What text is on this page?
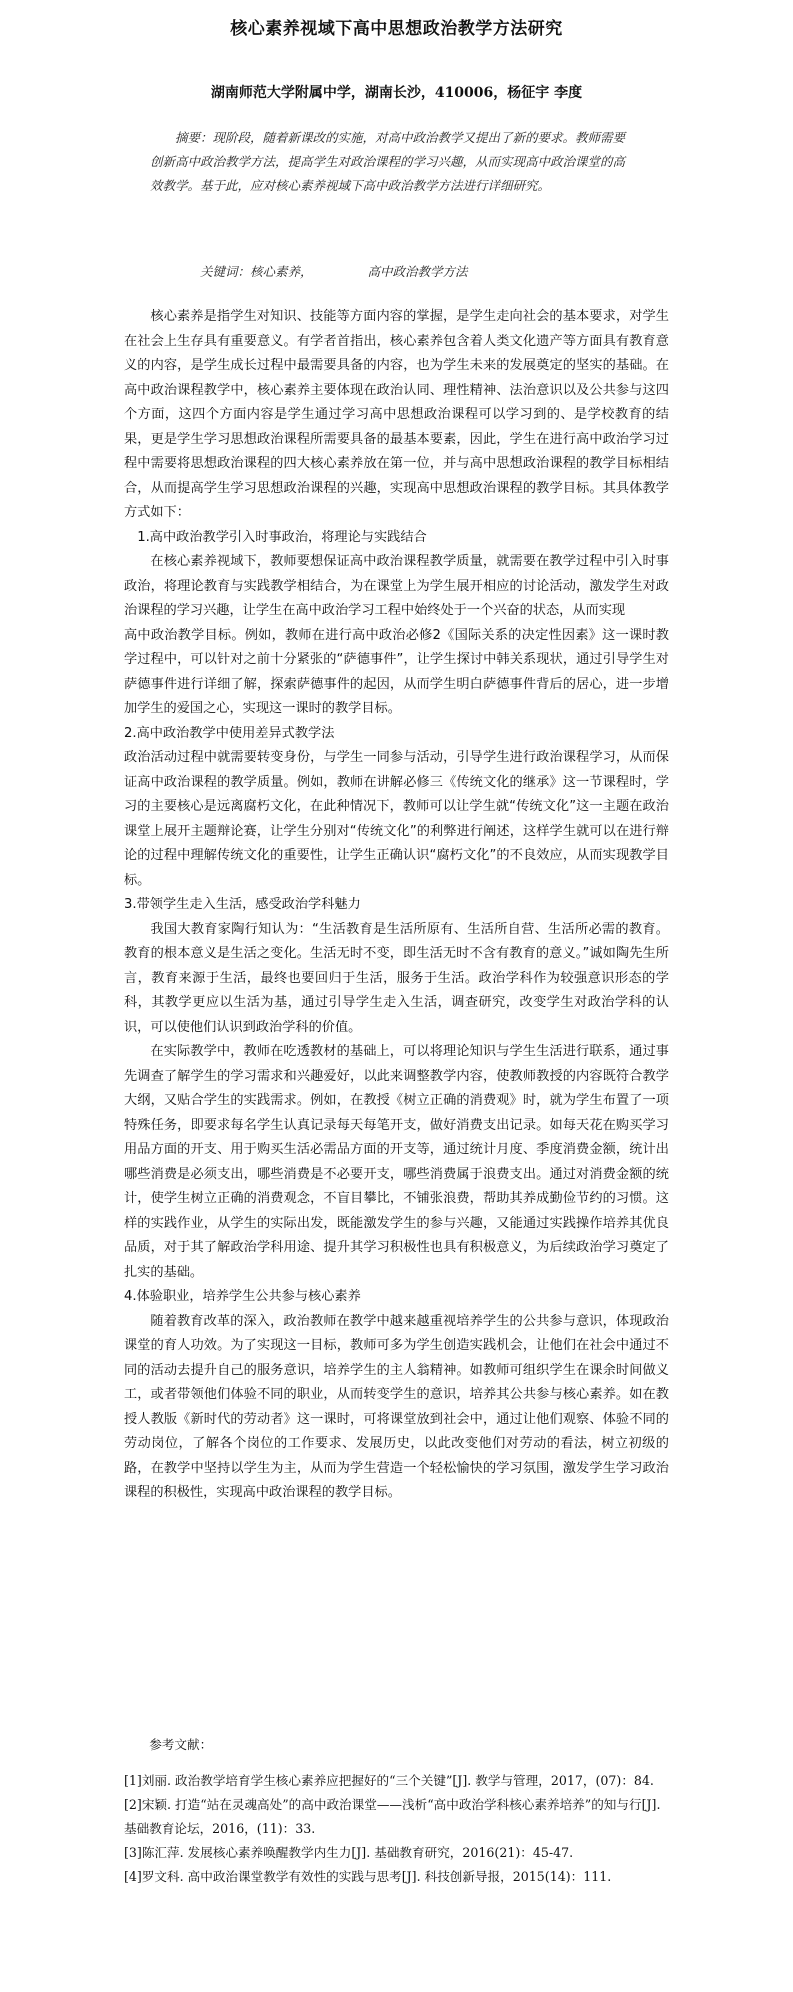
核心素养视域下高中思想政治教学方法研究
湖南师范大学附属中学，湖南长沙，410006，杨征宇 李度
摘要：现阶段，随着新课改的实施，对高中政治教学又提出了新的要求。教师需要创新高中政治教学方法，提高学生对政治课程的学习兴趣，从而实现高中政治课堂的高效教学。基于此，应对核心素养视域下高中政治教学方法进行详细研究。
关键词：核心素养，	高中政治教学方法

核心素养是指学生对知识、技能等方面内容的掌握，是学生走向社会的基本要求，对学生在社会上生存具有重要意义。有学者首指出，核心素养包含着人类文化遗产等方面具有教育意义的内容，是学生成长过程中最需要具备的内容，也为学生未来的发展奠定的坚实的基础。在高中政治课程教学中，核心素养主要体现在政治认同、理性精神、法治意识以及公共参与这四个方面，这四个方面内容是学生通过学习高中思想政治课程可以学习到的、是学校教育的结果，更是学生学习思想政治课程所需要具备的最基本要素，因此，学生在进行高中政治学习过程中需要将思想政治课程的四大核心素养放在第一位，并与高中思想政治课程的教学目标相结合，从而提高学生学习思想政治课程的兴趣，实现高中思想政治课程的教学目标。其具体教学方式如下：

1.高中政治教学引入时事政治，将理论与实践结合

在核心素养视域下，教师要想保证高中政治课程教学质量，就需要在教学过程中引入时事政治，将理论教育与实践教学相结合，为在课堂上为学生展开相应的讨论活动，激发学生对政治课程的学习兴趣，让学生在高中政治学习工程中始终处于一个兴奋的状态，从而实现

高中政治教学目标。例如，教师在进行高中政治必修2《国际关系的决定性因素》这一课时教学过程中，可以针对之前十分紧张的“萨德事件”，让学生探讨中韩关系现状，通过引导学生对萨德事件进行详细了解，探索萨德事件的起因，从而学生明白萨德事件背后的居心，进一步增加学生的爱国之心，实现这一课时的教学目标。

2.高中政治教学中使用差异式教学法

政治活动过程中就需要转变身份，与学生一同参与活动，引导学生进行政治课程学习，从而保证高中政治课程的教学质量。例如，教师在讲解必修三《传统文化的继承》这一节课程时，学习的主要核心是远离腐朽文化，在此种情况下，教师可以让学生就“传统文化”这一主题在政治课堂上展开主题辩论赛，让学生分别对“传统文化”的利弊进行阐述，这样学生就可以在进行辩论的过程中理解传统文化的重要性，让学生正确认识“腐朽文化”的不良效应，从而实现教学目标。

3.带领学生走入生活，感受政治学科魅力

我国大教育家陶行知认为：“生活教育是生活所原有、生活所自营、生活所必需的教育。教育的根本意义是生活之变化。生活无时不变，即生活无时不含有教育的意义。”诚如陶先生所言，教育来源于生活，最终也要回归于生活，服务于生活。政治学科作为较强意识形态的学科，其教学更应以生活为基，通过引导学生走入生活，调查研究，改变学生对政治学科的认识，可以使他们认识到政治学科的价值。

在实际教学中，教师在吃透教材的基础上，可以将理论知识与学生生活进行联系，通过事先调查了解学生的学习需求和兴趣爱好，以此来调整教学内容，使教师教授的内容既符合教学大纲，又贴合学生的实践需求。例如，在教授《树立正确的消费观》时，就为学生布置了一项特殊任务，即要求每名学生认真记录每天每笔开支，做好消费支出记录。如每天花在购买学习用品方面的开支、用于购买生活必需品方面的开支等，通过统计月度、季度消费金额，统计出哪些消费是必须支出，哪些消费是不必要开支，哪些消费属于浪费支出。通过对消费金额的统计，使学生树立正确的消费观念，不盲目攀比，不铺张浪费，帮助其养成勤俭节约的习惯。这样的实践作业，从学生的实际出发，既能激发学生的参与兴趣，又能通过实践操作培养其优良品质，对于其了解政治学科用途、提升其学习积极性也具有积极意义，为后续政治学习奠定了扎实的基础。

4.体验职业，培养学生公共参与核心素养

随着教育改革的深入，政治教师在教学中越来越重视培养学生的公共参与意识，体现政治课堂的育人功效。为了实现这一目标，教师可多为学生创造实践机会，让他们在社会中通过不同的活动去提升自己的服务意识，培养学生的主人翁精神。如教师可组织学生在课余时间做义工，或者带领他们体验不同的职业，从而转变学生的意识，培养其公共参与核心素养。如在教授人教版《新时代的劳动者》这一课时，可将课堂放到社会中，通过让他们观察、体验不同的劳动岗位，了解各个岗位的工作要求、发展历史，以此改变他们对劳动的看法，树立初级的路，在教学中坚持以学生为主，从而为学生营造一个轻松愉快的学习氛围，激发学生学习政治课程的积极性，实现高中政治课程的教学目标。

参考文献：

[1]刘丽. 政治教学培育学生核心素养应把握好的“三个关键”[J]. 教学与管理，2017，(07)：84.

[2]宋颖. 打造“站在灵魂高处”的高中政治课堂——浅析“高中政治学科核心素养培养”的知与行[J]. 基础教育论坛，2016，(11)：33.

[3]陈汇萍. 发展核心素养唤醒教学内生力[J]. 基础教育研究，2016(21)：45-47.

[4]罗文科. 高中政治课堂教学有效性的实践与思考[J]. 科技创新导报，2015(14)：111.
